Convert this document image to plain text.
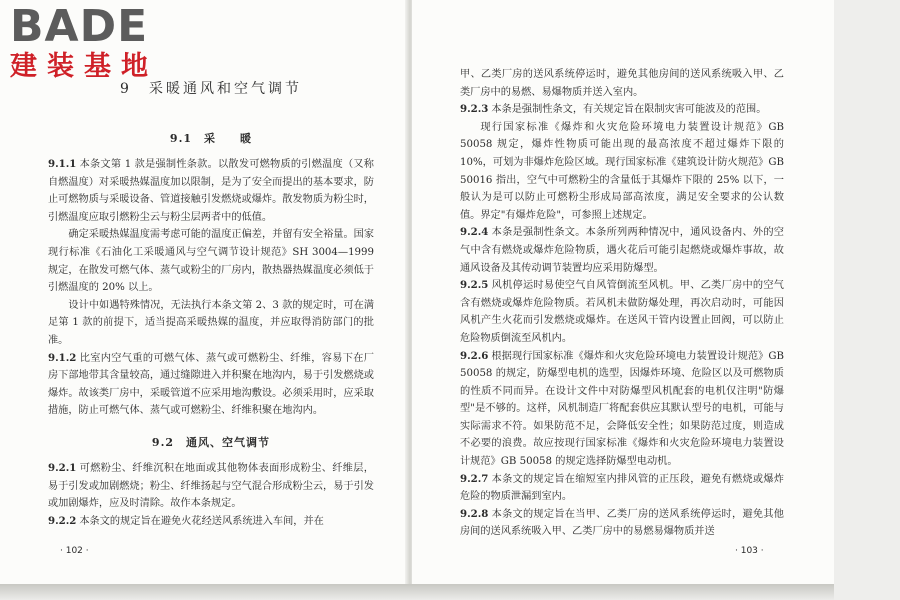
9　采暖通风和空气调节
9.1　采　　暖

9.1.1 本条文第 1 款是强制性条款。以散发可燃物质的引燃温度（又称自燃温度）对采暖热媒温度加以限制，是为了安全而提出的基本要求，防止可燃物质与采暖设备、管道接触引发燃烧或爆炸。散发物质为粉尘时，引燃温度应取引燃粉尘云与粉尘层两者中的低值。

确定采暖热媒温度需考虑可能的温度正偏差，并留有安全裕量。国家现行标准《石油化工采暖通风与空气调节设计规范》SH 3004—1999 规定，在散发可燃气体、蒸气或粉尘的厂房内，散热器热媒温度必须低于引燃温度的 20% 以上。

设计中如遇特殊情况，无法执行本条文第 2、3 款的规定时，可在满足第 1 款的前提下，适当提高采暖热媒的温度，并应取得消防部门的批准。

9.1.2 比室内空气重的可燃气体、蒸气或可燃粉尘、纤维，容易下在厂房下部地带其含量较高，通过缝隙进入并积聚在地沟内，易于引发燃烧或爆炸。故该类厂房中，采暖管道不应采用地沟敷设。必须采用时，应采取措施，防止可燃气体、蒸气或可燃粉尘、纤维积聚在地沟内。

9.2　通风、空气调节

9.2.1 可燃粉尘、纤维沉积在地面或其他物体表面形成粉尘、纤维层，易于引发或加剧燃烧；粉尘、纤维扬起与空气混合形成粉尘云，易于引发或加剧爆炸，应及时清除。故作本条规定。

9.2.2 本条文的规定旨在避免火花经送风系统进入车间，并在

甲、乙类厂房的送风系统停运时，避免其他房间的送风系统吸入甲、乙类厂房中的易燃、易爆物质并送入室内。

9.2.3 本条是强制性条文，有关规定旨在限制灾害可能波及的范围。

现行国家标准《爆炸和火灾危险环境电力装置设计规范》GB 50058 规定，爆炸性物质可能出现的最高浓度不超过爆炸下限的 10%，可划为非爆炸危险区域。现行国家标准《建筑设计防火规范》GB 50016 指出，空气中可燃粉尘的含量低于其爆炸下限的 25% 以下，一般认为是可以防止可燃粉尘形成局部高浓度，满足安全要求的公认数值。界定"有爆炸危险"，可参照上述规定。

9.2.4 本条是强制性条文。本条所列两种情况中，通风设备内、外的空气中含有燃烧或爆炸危险物质，遇火花后可能引起燃烧或爆炸事故，故通风设备及其传动调节装置均应采用防爆型。

9.2.5 风机停运时易使空气自风管倒流至风机。甲、乙类厂房中的空气含有燃烧或爆炸危险物质。若风机未做防爆处理，再次启动时，可能因风机产生火花而引发燃烧或爆炸。在送风干管内设置止回阀，可以防止危险物质倒流至风机内。

9.2.6 根据现行国家标准《爆炸和火灾危险环境电力装置设计规范》GB 50058 的规定，防爆型电机的选型，因爆炸环境、危险区以及可燃物质的性质不同而异。在设计文件中对防爆型风机配套的电机仅注明"防爆型"是不够的。这样，风机制造厂将配套供应其默认型号的电机，可能与实际需求不符。如果防范不足，会降低安全性；如果防范过度，则造成不必要的浪费。故应按现行国家标准《爆炸和火灾危险环境电力装置设计规范》GB 50058 的规定选择防爆型电动机。

9.2.7 本条文的规定旨在缩短室内排风管的正压段，避免有燃烧或爆炸危险的物质泄漏到室内。

9.2.8 本条文的规定旨在当甲、乙类厂房的送风系统停运时，避免其他房间的送风系统吸入甲、乙类厂房中的易燃易爆物质并送

· 102 ·	· 103 ·
BADE
建装基地
